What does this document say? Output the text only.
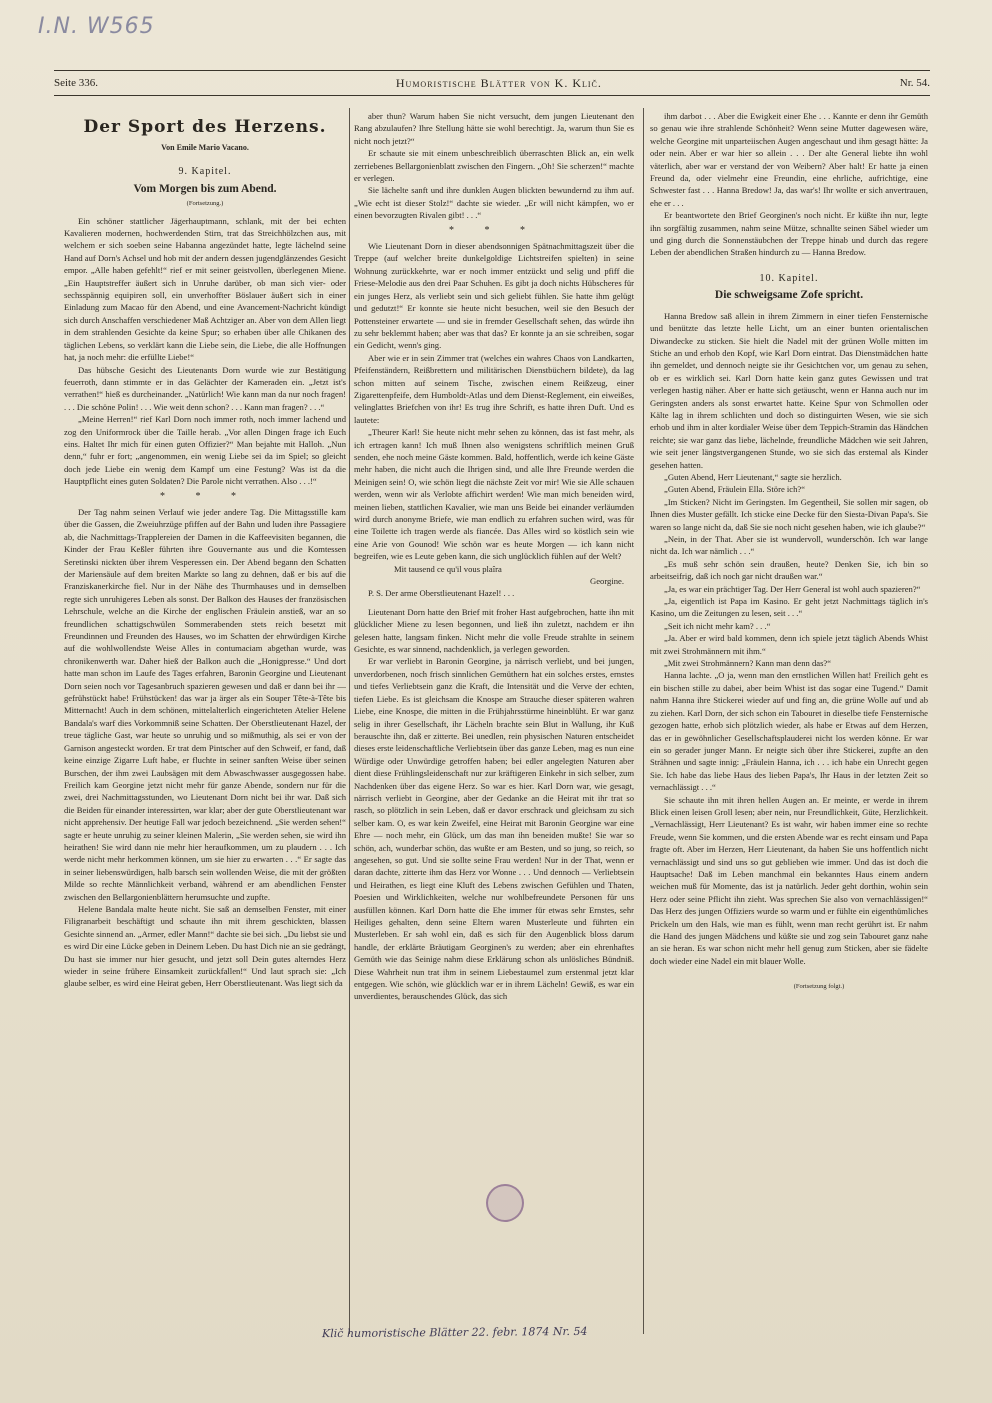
I.N. W565
Seite 336.	Humoristische Blätter von K. Klič.	Nr. 54.
Der Sport des Herzens.
Von Emile Mario Vacano.
9. Kapitel.
Vom Morgen bis zum Abend.
(Fortsetzung.)

Ein schöner stattlicher Jägerhauptmann, schlank, mit der bei echten Kavalieren modernen, hochwerdenden Stirn, trat das Streichhölzchen aus, mit welchem er sich soeben seine Habanna angezündet hatte, legte lächelnd seine Hand auf Dorn's Achsel und hob mit der andern dessen jugendglänzendes Gesicht empor. „Alle haben gefehlt!“ rief er mit seiner geistvollen, überlegenen Miene. „Ein Hauptstreffer äußert sich in Unruhe darüber, ob man sich vier- oder sechsspännig equipiren soll, ein unverhoffter Böslauer äußert sich in einer Einladung zum Macao für den Abend, und eine Avancement-Nachricht kündigt sich durch Anschaffen verschiedener Maß Achtziger an. Aber von dem Allen liegt in dem strahlenden Gesichte da keine Spur; so erhaben über alle Chikanen des täglichen Lebens, so verklärt kann die Liebe sein, die Liebe, die alle Hoffnungen hat, ja noch mehr: die erfüllte Liebe!“

Das hübsche Gesicht des Lieutenants Dorn wurde wie zur Bestätigung feuerroth, dann stimmte er in das Gelächter der Kameraden ein. „Jetzt ist's verrathen!“ hieß es durcheinander. „Natürlich! Wie kann man da nur noch fragen! . . . Die schöne Polin! . . . Wie weit denn schon? . . . Kann man fragen? . . .“

„Meine Herren!“ rief Karl Dorn noch immer roth, noch immer lachend und zog den Uniformrock über die Taille herab. „Vor allen Dingen frage ich Euch eins. Haltet Ihr mich für einen guten Offizier?“ Man bejahte mit Halloh. „Nun denn,“ fuhr er fort; „angenommen, ein wenig Liebe sei da im Spiel; so gleicht doch jede Liebe ein wenig dem Kampf um eine Festung? Was ist da die Hauptpflicht eines guten Soldaten? Die Parole nicht verrathen. Also . . .!“

* * *

Der Tag nahm seinen Verlauf wie jeder andere Tag. Die Mittagsstille kam über die Gassen, die Zweiuhrzüge pfiffen auf der Bahn und luden ihre Passagiere ab, die Nachmittags-Trapplereien der Damen in die Kaffeevisiten begannen, die Kinder der Frau Keßler führten ihre Gouvernante aus und die Komtessen Seretinski nickten über ihrem Vesperessen ein. Der Abend begann den Schatten der Mariensäule auf dem breiten Markte so lang zu dehnen, daß er bis auf die Franziskanerkirche fiel. Nur in der Nähe des Thurmhauses und in demselben regte sich unruhigeres Leben als sonst. Der Balkon des Hauses der französischen Lehrschule, welche an die Kirche der englischen Fräulein anstieß, war an so freundlichen schattigschwülen Sommerabenden stets reich besetzt mit Freundinnen und Freunden des Hauses, wo im Schatten der ehrwürdigen Kirche auf die wohlwollendste Weise Alles in contumaciam abgethan wurde, was chronikenwerth war. Daher hieß der Balkon auch die „Honigpresse.“ Und dort hatte man schon im Laufe des Tages erfahren, Baronin Georgine und Lieutenant Dorn seien noch vor Tagesanbruch spazieren gewesen und daß er dann bei ihr — gefrühstückt habe! Frühstücken! das war ja ärger als ein Souper Tête-à-Tête bis Mitternacht! Auch in dem schönen, mittelalterlich eingerichteten Atelier Helene Bandala's warf dies Vorkommniß seine Schatten. Der Oberstlieutenant Hazel, der treue tägliche Gast, war heute so unruhig und so mißmuthig, als sei er von der Garnison angesteckt worden. Er trat dem Pintscher auf den Schweif, er fand, daß keine einzige Zigarre Luft habe, er fluchte in seiner sanften Weise über seinen Burschen, der ihm zwei Laubsägen mit dem Abwaschwasser ausgegossen habe. Freilich kam Georgine jetzt nicht mehr für ganze Abende, sondern nur für die zwei, drei Nachmittagsstunden, wo Lieutenant Dorn nicht bei ihr war. Daß sich die Beiden für einander interessirten, war klar; aber der gute Oberstlieutenant war nicht apprehensiv. Der heutige Fall war jedoch bezeichnend. „Sie werden sehen!“ sagte er heute unruhig zu seiner kleinen Malerin, „Sie werden sehen, sie wird ihn heirathen! Sie wird dann nie mehr hier heraufkommen, um zu plaudern . . . Ich werde nicht mehr herkommen können, um sie hier zu erwarten . . .“ Er sagte das in seiner liebenswürdigen, halb barsch sein wollenden Weise, die mit der größten Milde so rechte Männlichkeit verband, während er am abendlichen Fenster zwischen den Bellargonienblättern herumsuchte und zupfte.

Helene Bandala malte heute nicht. Sie saß an demselben Fenster, mit einer Filigranarbeit beschäftigt und schaute ihn mit ihrem geschickten, blassen Gesichte sinnend an. „Armer, edler Mann!“ dachte sie bei sich. „Du liebst sie und es wird Dir eine Lücke geben in Deinem Leben. Du hast Dich nie an sie gedrängt, Du hast sie immer nur hier gesucht, und jetzt soll Dein gutes alterndes Herz wieder in seine frühere Einsamkeit zurückfallen!“ Und laut sprach sie: „Ich glaube selber, es wird eine Heirat geben, Herr Oberstlieutenant. Was liegt sich da

aber thun? Warum haben Sie nicht versucht, dem jungen Lieutenant den Rang abzulaufen? Ihre Stellung hätte sie wohl berechtigt. Ja, warum thun Sie es nicht noch jetzt?“

Er schaute sie mit einem unbeschreiblich überraschten Blick an, ein welk zerriebenes Bellargonienblatt zwischen den Fingern. „Oh! Sie scherzen!“ machte er verlegen.

Sie lächelte sanft und ihre dunklen Augen blickten bewundernd zu ihm auf. „Wie echt ist dieser Stolz!“ dachte sie wieder. „Er will nicht kämpfen, wo er einen bevorzugten Rivalen gibt! . . .“

* * *

Wie Lieutenant Dorn in dieser abendsonnigen Spätnachmittagszeit über die Treppe (auf welcher breite dunkelgoldige Lichtstreifen spielten) in seine Wohnung zurückkehrte, war er noch immer entzückt und selig und pfiff die Friese-Melodie aus den drei Paar Schuhen. Es gibt ja doch nichts Hübscheres für ein junges Herz, als verliebt sein und sich geliebt fühlen. Sie hatte ihm gelügt und gedutzt!“ Er konnte sie heute nicht besuchen, weil sie den Besuch der Pottensteiner erwartete — und sie in fremder Gesellschaft sehen, das würde ihn zu sehr beklemmt haben; aber was that das? Er konnte ja an sie schreiben, sogar ein Gedicht, wenn's ging.

Aber wie er in sein Zimmer trat (welches ein wahres Chaos von Landkarten, Pfeifenständern, Reißbrettern und militärischen Dienstbüchern bildete), da lag schon mitten auf seinem Tische, zwischen einem Reißzeug, einer Zigarettenpfeife, dem Humboldt-Atlas und dem Dienst-Reglement, ein eiweißes, velinglattes Briefchen von ihr! Es trug ihre Schrift, es hatte ihren Duft. Und es lautete:

„Theurer Karl! Sie heute nicht mehr sehen zu können, das ist fast mehr, als ich ertragen kann! Ich muß Ihnen also wenigstens schriftlich meinen Gruß senden, ehe noch meine Gäste kommen. Bald, hoffentlich, werde ich keine Gäste mehr haben, die nicht auch die Ihrigen sind, und alle Ihre Freunde werden die Meinigen sein! O, wie schön liegt die nächste Zeit vor mir! Wie sie Alle schauen werden, wenn wir als Verlobte affichirt werden! Wie man mich beneiden wird, meinen lieben, stattlichen Kavalier, wie man uns Beide bei einander verläumden wird durch anonyme Briefe, wie man endlich zu erfahren suchen wird, was für eine Toilette ich tragen werde als fiancée. Das Alles wird so köstlich sein wie eine Arie von Gounod! Wie schön war es heute Morgen — ich kann nicht begreifen, wie es Leute geben kann, die sich unglücklich fühlen auf der Welt?

Mit tausend ce qu'il vous plaîra

Georgine.

P. S. Der arme Oberstlieutenant Hazel! . . .

Lieutenant Dorn hatte den Brief mit froher Hast aufgebrochen, hatte ihn mit glücklicher Miene zu lesen begonnen, und ließ ihn zuletzt, nachdem er ihn gelesen hatte, langsam finken. Nicht mehr die volle Freude strahlte in seinem Gesichte, es war sinnend, nachdenklich, ja verlegen geworden.

Er war verliebt in Baronin Georgine, ja närrisch verliebt, und bei jungen, unverdorbenen, noch frisch sinnlichen Gemüthern hat ein solches erstes, ernstes und tiefes Verliebtsein ganz die Kraft, die Intensität und die Verve der echten, tiefen Liebe. Es ist gleichsam die Knospe am Strauche dieser späteren wahren Liebe, eine Knospe, die mitten in die Frühjahrsstürme hineinblüht. Er war ganz selig in ihrer Gesellschaft, ihr Lächeln brachte sein Blut in Wallung, ihr Kuß berauschte ihn, daß er zitterte. Bei unedlen, rein physischen Naturen entscheidet dieses erste leidenschaftliche Verliebtsein über das ganze Leben, mag es nun eine Würdige oder Unwürdige getroffen haben; bei edler angelegten Naturen aber dient diese Frühlingsleidenschaft nur zur kräftigeren Einkehr in sich selber, zum Nachdenken über das eigene Herz. So war es hier. Karl Dorn war, wie gesagt, närrisch verliebt in Georgine, aber der Gedanke an die Heirat mit ihr trat so rasch, so plötzlich in sein Leben, daß er davor erschrack und gleichsam zu sich selber kam. O, es war kein Zweifel, eine Heirat mit Baronin Georgine war eine Ehre — noch mehr, ein Glück, um das man ihn beneiden mußte! Sie war so schön, ach, wunderbar schön, das wußte er am Besten, und so jung, so reich, so angesehen, so gut. Und sie sollte seine Frau werden! Nur in der That, wenn er daran dachte, zitterte ihm das Herz vor Wonne . . . Und dennoch — Verliebtsein und Heirathen, es liegt eine Kluft des Lebens zwischen Gefühlen und Thaten, Poesien und Wirklichkeiten, welche nur wohlbefreundete Personen für uns ausfüllen können. Karl Dorn hatte die Ehe immer für etwas sehr Ernstes, sehr Heiliges gehalten, denn seine Eltern waren Musterleute und führten ein Musterleben. Er sah wohl ein, daß es sich für den Augenblick bloss darum handle, der erklärte Bräutigam Georginen's zu werden; aber ein ehrenhaftes Gemüth wie das Seinige nahm diese Erklärung schon als unlösliches Bündniß. Diese Wahrheit nun trat ihm in seinem Liebestaumel zum erstenmal jetzt klar entgegen. Wie schön, wie glücklich war er in ihrem Lächeln! Gewiß, es war ein unverdientes, berauschendes Glück, das sich

ihm darbot . . . Aber die Ewigkeit einer Ehe . . . Kannte er denn ihr Gemüth so genau wie ihre strahlende Schönheit? Wenn seine Mutter dagewesen wäre, welche Georgine mit unparteiischen Augen angeschaut und ihm gesagt hätte: Ja oder nein. Aber er war hier so allein . . . Der alte General liebte ihn wohl väterlich, aber war er verstand der von Weibern? Aber halt! Er hatte ja einen Freund da, oder vielmehr eine Freundin, eine ehrliche, aufrichtige, eine Schwester fast . . . Hanna Bredow! Ja, das war's! Ihr wollte er sich anvertrauen, ehe er . . .

Er beantwortete den Brief Georginen's noch nicht. Er küßte ihn nur, legte ihn sorgfältig zusammen, nahm seine Mütze, schnallte seinen Säbel wieder um und ging durch die Sonnenstäubchen der Treppe hinab und durch das regere Leben der abendlichen Straßen hindurch zu — Hanna Bredow.

10. Kapitel.
Die schweigsame Zofe spricht.

Hanna Bredow saß allein in ihrem Zimmern in einer tiefen Fensternische und benützte das letzte helle Licht, um an einer bunten orientalischen Diwandecke zu sticken. Sie hielt die Nadel mit der grünen Wolle mitten im Stiche an und erhob den Kopf, wie Karl Dorn eintrat. Das Dienstmädchen hatte ihn gemeldet, und dennoch neigte sie ihr Gesichtchen vor, um genau zu sehen, ob er es wirklich sei. Karl Dorn hatte kein ganz gutes Gewissen und trat verlegen hastig näher. Aber er hatte sich getäuscht, wenn er Hanna auch nur im Geringsten anders als sonst erwartet hatte. Keine Spur von Schmollen oder Kälte lag in ihrem schlichten und doch so distinguirten Wesen, wie sie sich erhob und ihm in alter kordialer Weise über dem Teppich-Stramin das Händchen reichte; sie war ganz das liebe, lächelnde, freundliche Mädchen wie seit Jahren, wie seit jener längstvergangenen Stunde, wo sie sich das erstemal als Kinder gesehen hatten.

„Guten Abend, Herr Lieutenant,“ sagte sie herzlich.

„Guten Abend, Fräulein Ella. Störe ich?“

„Im Sticken? Nicht im Geringsten. Im Gegentheil, Sie sollen mir sagen, ob Ihnen dies Muster gefällt. Ich sticke eine Decke für den Siesta-Divan Papa's. Sie waren so lange nicht da, daß Sie sie noch nicht gesehen haben, wie ich glaube?“

„Nein, in der That. Aber sie ist wundervoll, wunderschön. Ich war lange nicht da. Ich war nämlich . . .“

„Es muß sehr schön sein draußen, heute? Denken Sie, ich bin so arbeitseifrig, daß ich noch gar nicht draußen war.“

„Ja, es war ein prächtiger Tag. Der Herr General ist wohl auch spazieren?“

„Ja, eigentlich ist Papa im Kasino. Er geht jetzt Nachmittags täglich in's Kasino, um die Zeitungen zu lesen, seit . . .“

„Seit ich nicht mehr kam? . . .“

„Ja. Aber er wird bald kommen, denn ich spiele jetzt täglich Abends Whist mit zwei Strohmännern mit ihm.“

„Mit zwei Strohmännern? Kann man denn das?“

Hanna lachte. „O ja, wenn man den ernstlichen Willen hat! Freilich geht es ein bischen stille zu dabei, aber beim Whist ist das sogar eine Tugend.“ Damit nahm Hanna ihre Stickerei wieder auf und fing an, die grüne Wolle auf und ab zu ziehen. Karl Dorn, der sich schon ein Tabouret in dieselbe tiefe Fensternische gezogen hatte, erhob sich plötzlich wieder, als habe er Etwas auf dem Herzen, das er in gewöhnlicher Gesellschaftsplauderei nicht los werden könne. Er war ein so gerader junger Mann. Er neigte sich über ihre Stickerei, zupfte an den Strähnen und sagte innig: „Fräulein Hanna, ich . . . ich habe ein Unrecht gegen Sie. Ich habe das liebe Haus des lieben Papa's, Ihr Haus in der letzten Zeit so vernachlässigt . . .“

Sie schaute ihn mit ihren hellen Augen an. Er meinte, er werde in ihrem Blick einen leisen Groll lesen; aber nein, nur Freundlichkeit, Güte, Herzlichkeit. „Vernachlässigt, Herr Lieutenant? Es ist wahr, wir haben immer eine so rechte Freude, wenn Sie kommen, und die ersten Abende war es recht einsam und Papa fragte oft. Aber im Herzen, Herr Lieutenant, da haben Sie uns hoffentlich nicht vernachlässigt und sind uns so gut geblieben wie immer. Und das ist doch die Hauptsache! Daß im Leben manchmal ein bekanntes Haus einem andern weichen muß für Momente, das ist ja natürlich. Jeder geht dorthin, wohin sein Herz oder seine Pflicht ihn zieht. Was sprechen Sie also von vernachlässigen!“ Das Herz des jungen Offiziers wurde so warm und er fühlte ein eigenthümliches Prickeln um den Hals, wie man es fühlt, wenn man recht gerührt ist. Er nahm die Hand des jungen Mädchens und küßte sie und zog sein Tabouret ganz nahe an sie heran. Es war schon nicht mehr hell genug zum Sticken, aber sie fädelte doch wieder eine Nadel ein mit blauer Wolle.

(Fortsetzung folgt.)
Klič humoristische Blätter 22. febr. 1874 Nr. 54
